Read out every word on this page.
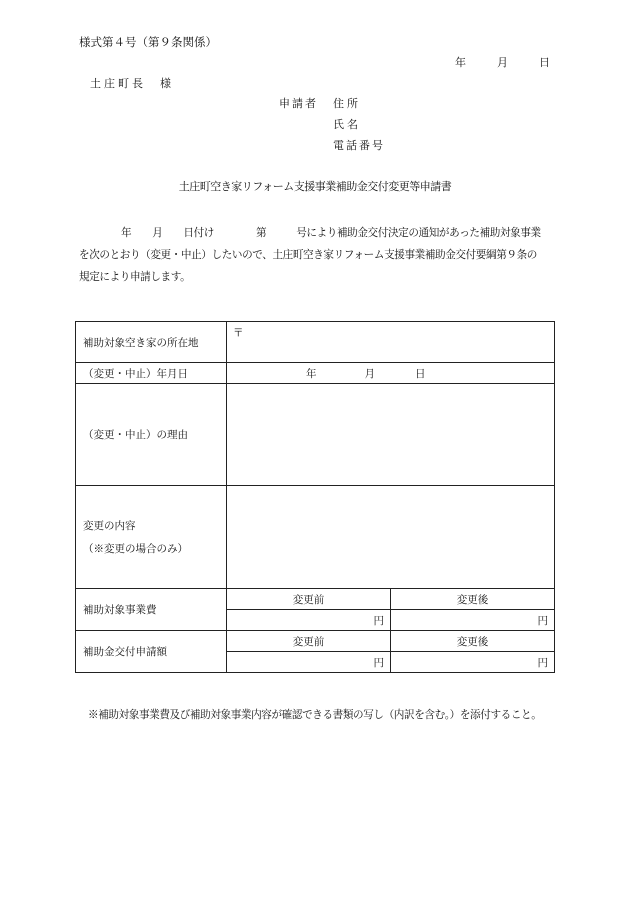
様式第４号（第９条関係）
年	月	日
土庄町長 様
申請者 住所
氏名
電話番号
土庄町空き家リフォーム支援事業補助金交付変更等申請書
年 月 日付け	第	号により補助金交付決定の通知があった補助対象事業
を次のとおり（変更・中止）したいので、土庄町空き家リフォーム支援事業補助金交付要綱第９条の
規定により申請します。
補助対象空き家の所在地	〒	
（変更・中止）年月日	年 月 日	
（変更・中止）の理由		

変更の内容
（※変更の場合のみ）		

補助対象事業費	変更前	変更後
	円	円
補助金交付申請額	変更前	変更後
	円	円
※補助対象事業費及び補助対象事業内容が確認できる書類の写し（内訳を含む。）を添付すること。
